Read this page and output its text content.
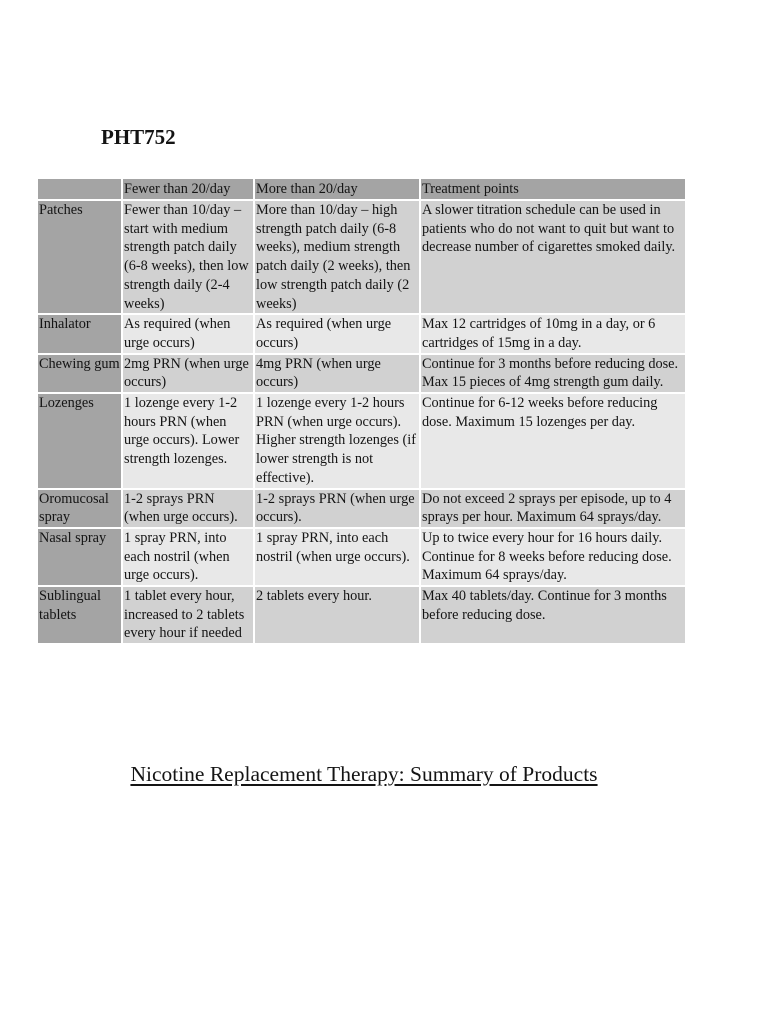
PHT752
	Fewer than 20/day	More than 20/day	Treatment points
Patches	Fewer than 10/day – start with medium strength patch daily (6-8 weeks), then low strength daily (2-4 weeks)	More than 10/day – high strength patch daily (6-8 weeks), medium strength patch daily (2 weeks), then low strength patch daily (2 weeks)	A slower titration schedule can be used in patients who do not want to quit but want to decrease number of cigarettes smoked daily.
Inhalator	As required (when urge occurs)	As required (when urge occurs)	Max 12 cartridges of 10mg in a day, or 6 cartridges of 15mg in a day.
Chewing gum	2mg PRN (when urge occurs)	4mg PRN (when urge occurs)	Continue for 3 months before reducing dose. Max 15 pieces of 4mg strength gum daily.
Lozenges	1 lozenge every 1-2 hours PRN (when urge occurs). Lower strength lozenges.	1 lozenge every 1-2 hours PRN (when urge occurs). Higher strength lozenges (if lower strength is not effective).	Continue for 6-12 weeks before reducing dose. Maximum 15 lozenges per day.
Oromucosal spray	1-2 sprays PRN (when urge occurs).	1-2 sprays PRN (when urge occurs).	Do not exceed 2 sprays per episode, up to 4 sprays per hour. Maximum 64 sprays/day.
Nasal spray	1 spray PRN, into each nostril (when urge occurs).	1 spray PRN, into each nostril (when urge occurs).	Up to twice every hour for 16 hours daily. Continue for 8 weeks before reducing dose. Maximum 64 sprays/day.
Sublingual tablets	1 tablet every hour, increased to 2 tablets every hour if needed	2 tablets every hour.	Max 40 tablets/day. Continue for 3 months before reducing dose.

Nicotine Replacement Therapy: Summary of Products
